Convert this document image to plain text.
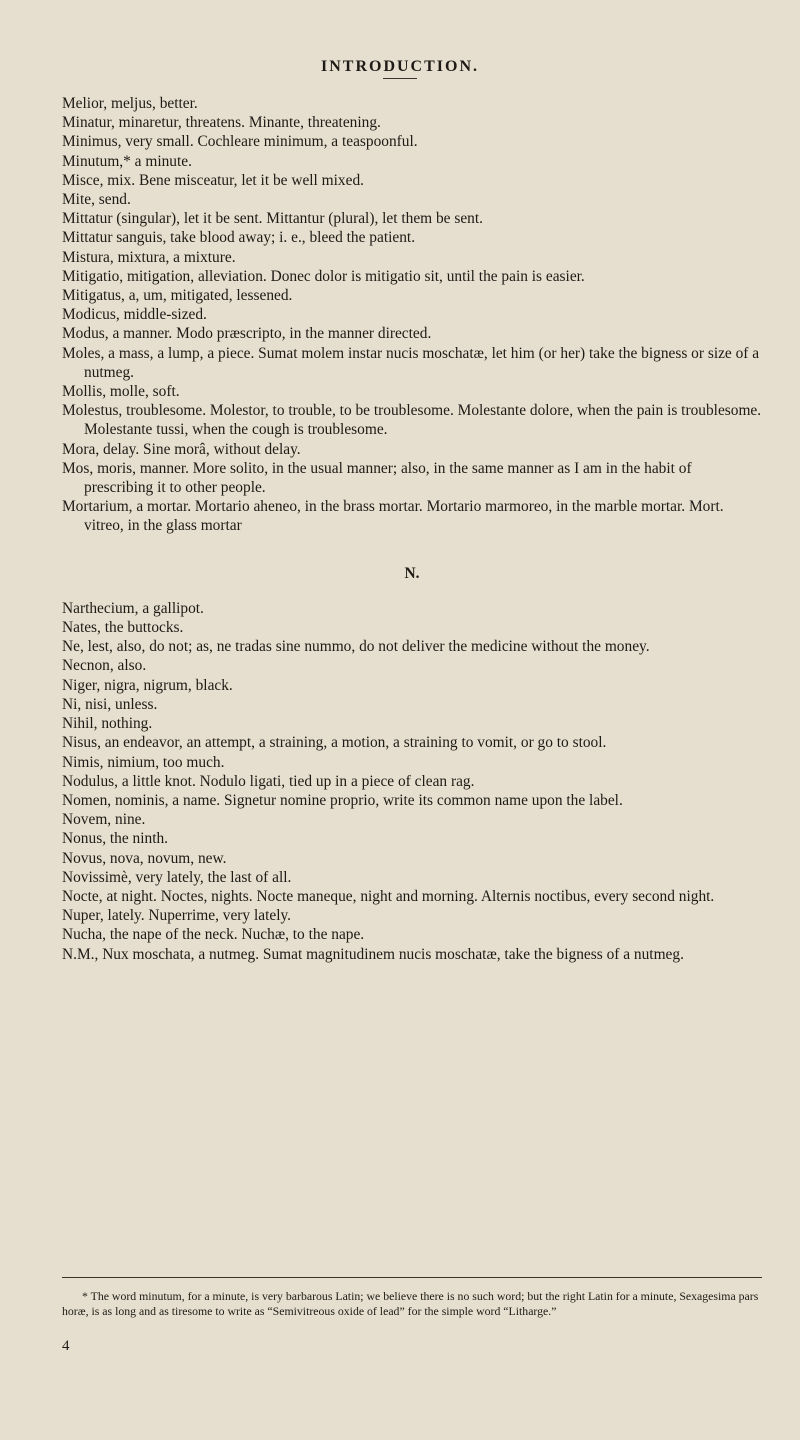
INTRODUCTION.
Melior, meljus, better.
Minatur, minaretur, threatens. Minante, threatening.
Minimus, very small. Cochleare minimum, a teaspoonful.
Minutum,* a minute.
Misce, mix. Bene misceatur, let it be well mixed.
Mite, send.
Mittatur (singular), let it be sent. Mittantur (plural), let them be sent.
Mittatur sanguis, take blood away; i. e., bleed the patient.
Mistura, mixtura, a mixture.
Mitigatio, mitigation, alleviation. Donec dolor is mitigatio sit, until the pain is easier.
Mitigatus, a, um, mitigated, lessened.
Modicus, middle-sized.
Modus, a manner. Modo præscripto, in the manner directed.
Moles, a mass, a lump, a piece. Sumat molem instar nucis moschatæ, let him (or her) take the bigness or size of a nutmeg.
Mollis, molle, soft.
Molestus, troublesome. Molestor, to trouble, to be troublesome. Molestante dolore, when the pain is troublesome. Molestante tussi, when the cough is troublesome.
Mora, delay. Sine morâ, without delay.
Mos, moris, manner. More solito, in the usual manner; also, in the same manner as I am in the habit of prescribing it to other people.
Mortarium, a mortar. Mortario aheneo, in the brass mortar. Mortario marmoreo, in the marble mortar. Mort. vitreo, in the glass mortar
N.
Narthecium, a gallipot.
Nates, the buttocks.
Ne, lest, also, do not; as, ne tradas sine nummo, do not deliver the medicine without the money.
Necnon, also.
Niger, nigra, nigrum, black.
Ni, nisi, unless.
Nihil, nothing.
Nisus, an endeavor, an attempt, a straining, a motion, a straining to vomit, or go to stool.
Nimis, nimium, too much.
Nodulus, a little knot. Nodulo ligati, tied up in a piece of clean rag.
Nomen, nominis, a name. Signetur nomine proprio, write its common name upon the label.
Novem, nine.
Nonus, the ninth.
Novus, nova, novum, new.
Novissimè, very lately, the last of all.
Nocte, at night. Noctes, nights. Nocte maneque, night and morning. Alternis noctibus, every second night.
Nuper, lately. Nuperrime, very lately.
Nucha, the nape of the neck. Nuchæ, to the nape.
N.M., Nux moschata, a nutmeg. Sumat magnitudinem nucis moschatæ, take the bigness of a nutmeg.
* The word minutum, for a minute, is very barbarous Latin; we believe there is no such word; but the right Latin for a minute, Sexagesima pars horæ, is as long and as tiresome to write as “Semivitreous oxide of lead” for the simple word “Litharge.”
4
